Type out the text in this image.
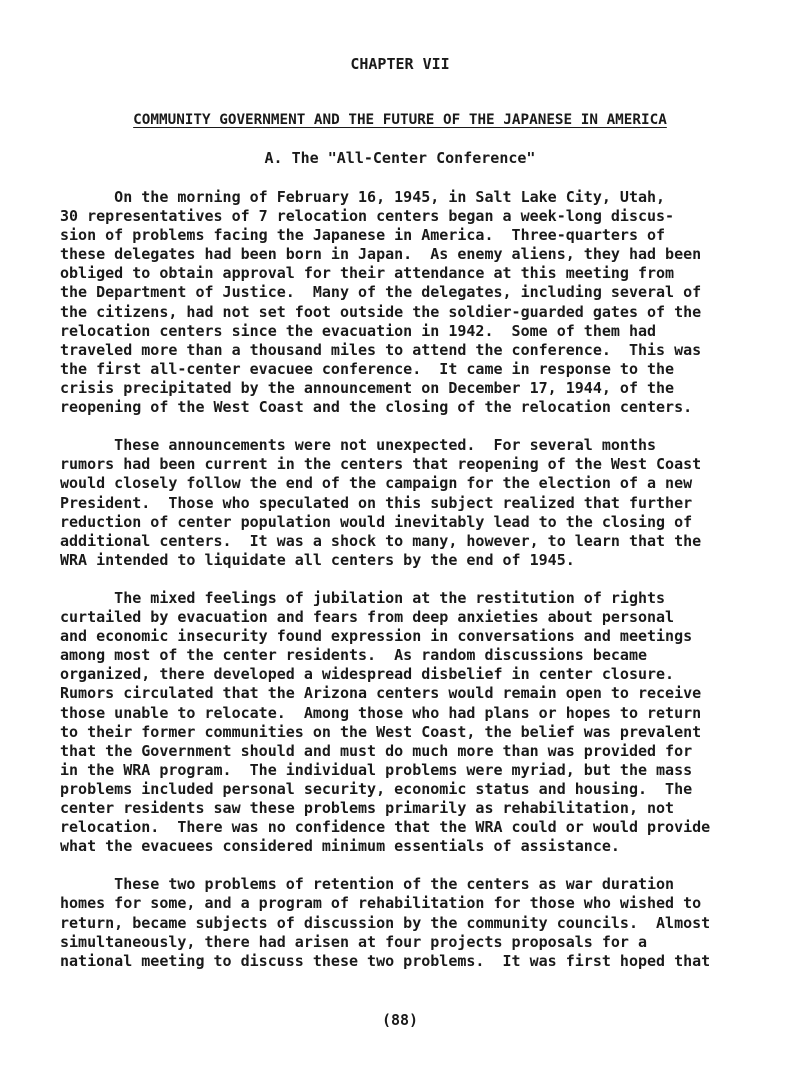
CHAPTER VII
COMMUNITY GOVERNMENT AND THE FUTURE OF THE JAPANESE IN AMERICA
A. The "All-Center Conference"
On the morning of February 16, 1945, in Salt Lake City, Utah,
30 representatives of 7 relocation centers began a week-long discus-
sion of problems facing the Japanese in America.  Three-quarters of
these delegates had been born in Japan.  As enemy aliens, they had been
obliged to obtain approval for their attendance at this meeting from
the Department of Justice.  Many of the delegates, including several of
the citizens, had not set foot outside the soldier-guarded gates of the
relocation centers since the evacuation in 1942.  Some of them had
traveled more than a thousand miles to attend the conference.  This was
the first all-center evacuee conference.  It came in response to the
crisis precipitated by the announcement on December 17, 1944, of the
reopening of the West Coast and the closing of the relocation centers.
These announcements were not unexpected.  For several months
rumors had been current in the centers that reopening of the West Coast
would closely follow the end of the campaign for the election of a new
President.  Those who speculated on this subject realized that further
reduction of center population would inevitably lead to the closing of
additional centers.  It was a shock to many, however, to learn that the
WRA intended to liquidate all centers by the end of 1945.
The mixed feelings of jubilation at the restitution of rights
curtailed by evacuation and fears from deep anxieties about personal
and economic insecurity found expression in conversations and meetings
among most of the center residents.  As random discussions became
organized, there developed a widespread disbelief in center closure.
Rumors circulated that the Arizona centers would remain open to receive
those unable to relocate.  Among those who had plans or hopes to return
to their former communities on the West Coast, the belief was prevalent
that the Government should and must do much more than was provided for
in the WRA program.  The individual problems were myriad, but the mass
problems included personal security, economic status and housing.  The
center residents saw these problems primarily as rehabilitation, not
relocation.  There was no confidence that the WRA could or would provide
what the evacuees considered minimum essentials of assistance.
These two problems of retention of the centers as war duration
homes for some, and a program of rehabilitation for those who wished to
return, became subjects of discussion by the community councils.  Almost
simultaneously, there had arisen at four projects proposals for a
national meeting to discuss these two problems.  It was first hoped that
(88)
